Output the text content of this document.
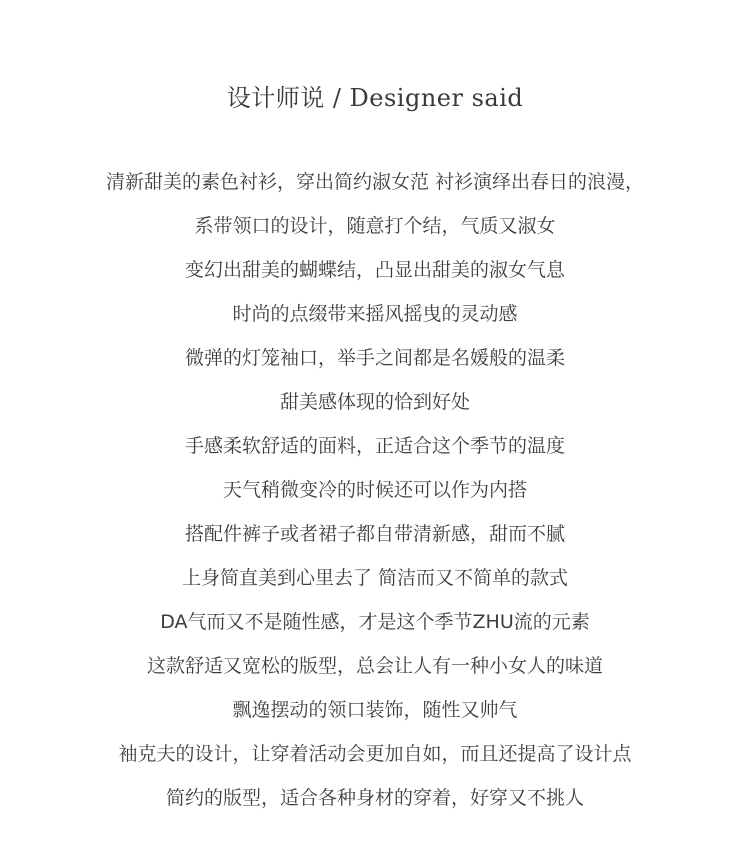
设计师说 / Designer said
清新甜美的素色衬衫，穿出简约淑女范 衬衫演绎出春日的浪漫，
系带领口的设计，随意打个结，气质又淑女
变幻出甜美的蝴蝶结，凸显出甜美的淑女气息
时尚的点缀带来摇风摇曳的灵动感
微弹的灯笼袖口，举手之间都是名媛般的温柔
甜美感体现的恰到好处
手感柔软舒适的面料，正适合这个季节的温度
天气稍微变冷的时候还可以作为内搭
搭配件裤子或者裙子都自带清新感，甜而不腻
上身简直美到心里去了 简洁而又不简单的款式
DA气而又不是随性感，才是这个季节ZHU流的元素
这款舒适又宽松的版型，总会让人有一种小女人的味道
飘逸摆动的领口装饰，随性又帅气
袖克夫的设计，让穿着活动会更加自如，而且还提高了设计点
简约的版型，适合各种身材的穿着，好穿又不挑人
